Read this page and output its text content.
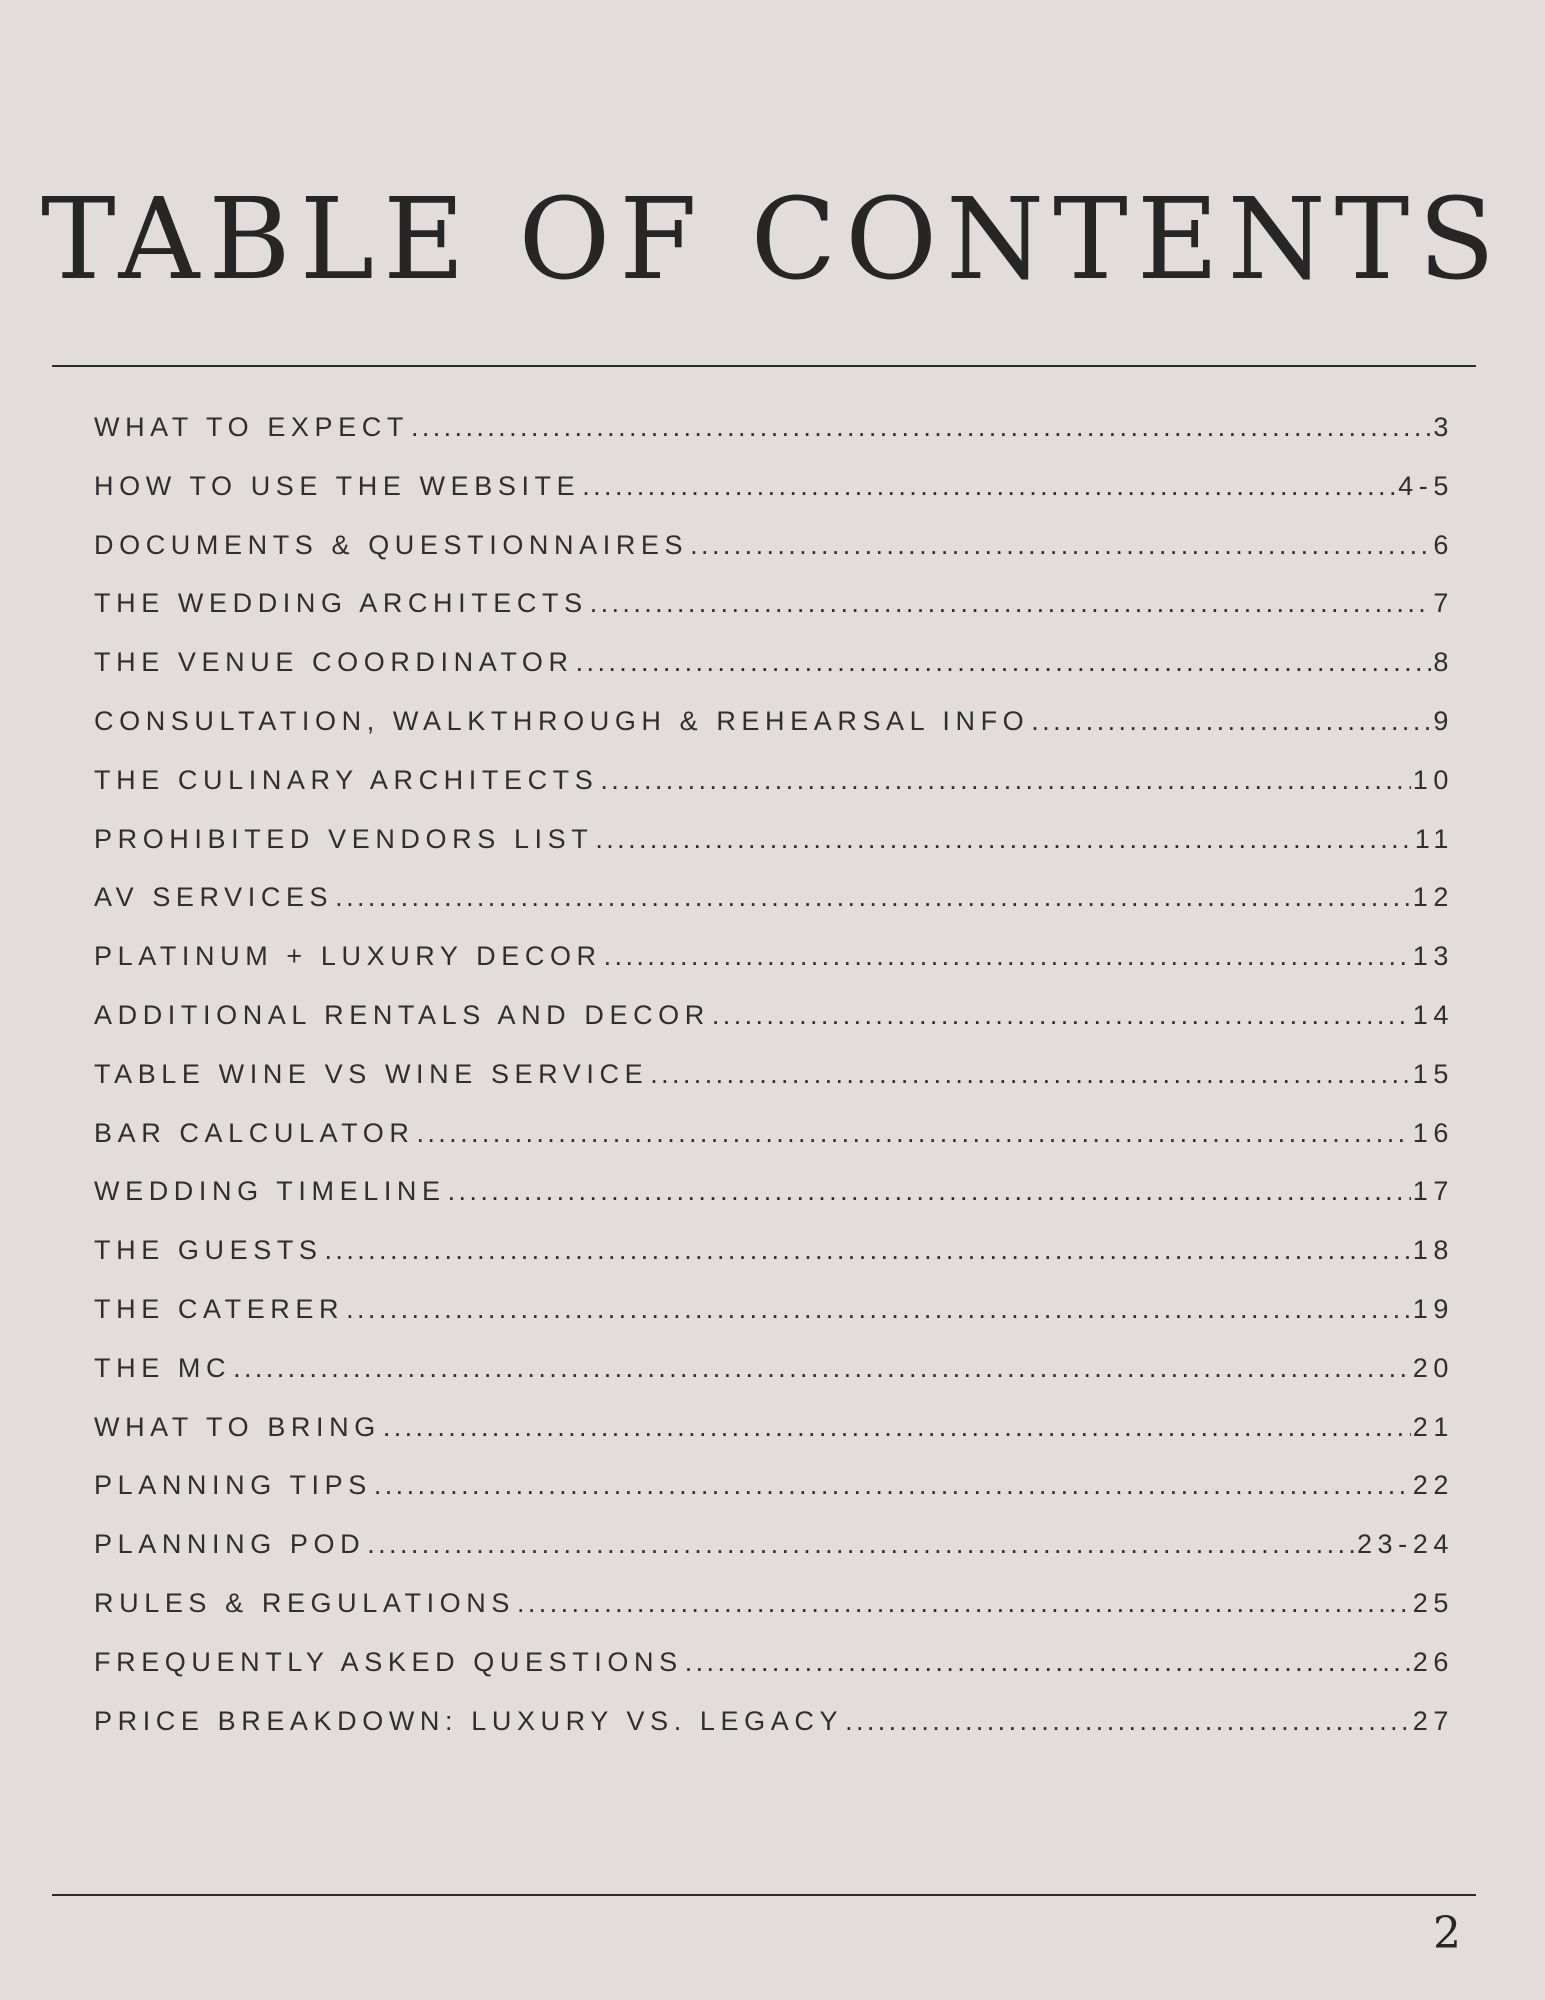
TABLE OF CONTENTS
WHAT TO EXPECT .....	3
HOW TO USE THE WEBSITE .....	4-5
DOCUMENTS & QUESTIONNAIRES .....	6
THE WEDDING ARCHITECTS .....	7
THE VENUE COORDINATOR .....	8
CONSULTATION, WALKTHROUGH & REHEARSAL INFO .....	9
THE CULINARY ARCHITECTS .....	10
PROHIBITED VENDORS LIST .....	11
AV SERVICES .....	12
PLATINUM + LUXURY DECOR .....	13
ADDITIONAL RENTALS AND DECOR .....	14
TABLE WINE VS WINE SERVICE .....	15
BAR CALCULATOR .....	16
WEDDING TIMELINE .....	17
THE GUESTS .....	18
THE CATERER .....	19
THE MC .....	20
WHAT TO BRING .....	21
PLANNING TIPS .....	22
PLANNING POD .....	23-24
RULES & REGULATIONS .....	25
FREQUENTLY ASKED QUESTIONS .....	26
PRICE BREAKDOWN: LUXURY VS. LEGACY .....	27
2
